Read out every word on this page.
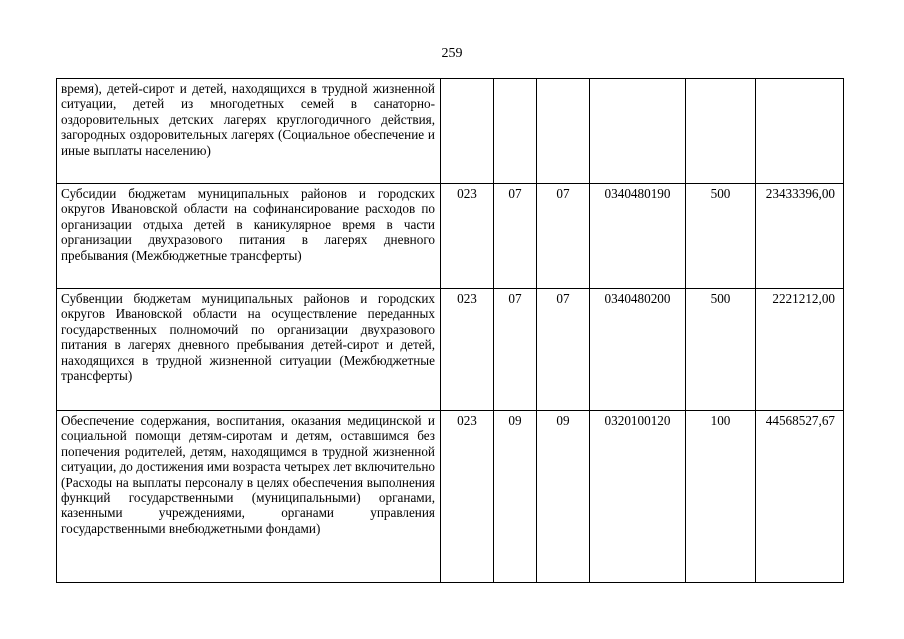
259
время), детей-сирот и детей, находящихся в трудной жизненной ситуации, детей из многодетных семей в санаторно-оздоровительных детских лагерях круглогодичного действия, загородных оздоровительных лагерях (Социальное обеспечение и иные выплаты населению)						
Субсидии бюджетам муниципальных районов и городских округов Ивановской области на софинансирование расходов по организации отдыха детей в каникулярное время в части организации двухразового питания в лагерях дневного пребывания (Межбюджетные трансферты)	023	07	07	0340480190	500	23433396,00
Субвенции бюджетам муниципальных районов и городских округов Ивановской области на осуществление переданных государственных полномочий по организации двухразового питания в лагерях дневного пребывания детей-сирот и детей, находящихся в трудной жизненной ситуации (Межбюджетные трансферты)	023	07	07	0340480200	500	2221212,00
Обеспечение содержания, воспитания, оказания медицинской и социальной помощи детям-сиротам и детям, оставшимся без попечения родителей, детям, находящимся в трудной жизненной ситуации, до достижения ими возраста четырех лет включительно (Расходы на выплаты персоналу в целях обеспечения выполнения функций государственными (муниципальными) органами, казенными учреждениями, органами управления государственными внебюджетными фондами)	023	09	09	0320100120	100	44568527,67
